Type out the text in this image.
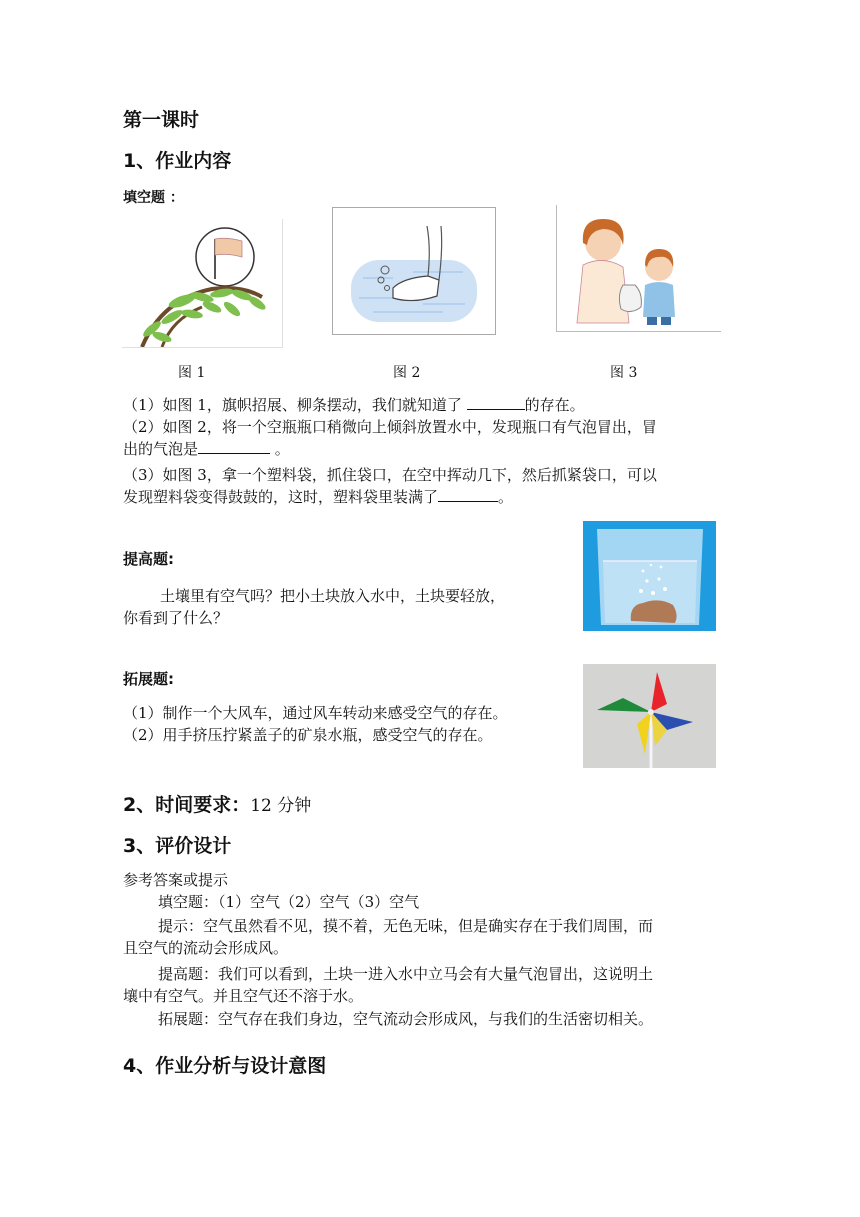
第一课时
1、作业内容
填空题 ：
图 1	图 2	图 3
（1）如图 1，旗帜招展、柳条摆动，我们就知道了	的存在。
（2）如图 2，将一个空瓶瓶口稍微向上倾斜放置水中，发现瓶口有气泡冒出，冒
出的气泡是	。
（3）如图 3，拿一个塑料袋，抓住袋口，在空中挥动几下，然后抓紧袋口，可以
发现塑料袋变得鼓鼓的，这时，塑料袋里装满了	。
提高题:
土壤里有空气吗？把小土块放入水中，土块要轻放，
你看到了什么？
拓展题:
（1）制作一个大风车，通过风车转动来感受空气的存在。
（2）用手挤压拧紧盖子的矿泉水瓶，感受空气的存在。
2、时间要求：12 分钟
3、评价设计
参考答案或提示
填空题：（1）空气（2）空气（3）空气
提示：空气虽然看不见，摸不着，无色无味，但是确实存在于我们周围，而
且空气的流动会形成风。
提高题：我们可以看到，土块一进入水中立马会有大量气泡冒出，这说明土
壤中有空气。并且空气还不溶于水。
拓展题：空气存在我们身边，空气流动会形成风，与我们的生活密切相关。
4、作业分析与设计意图
